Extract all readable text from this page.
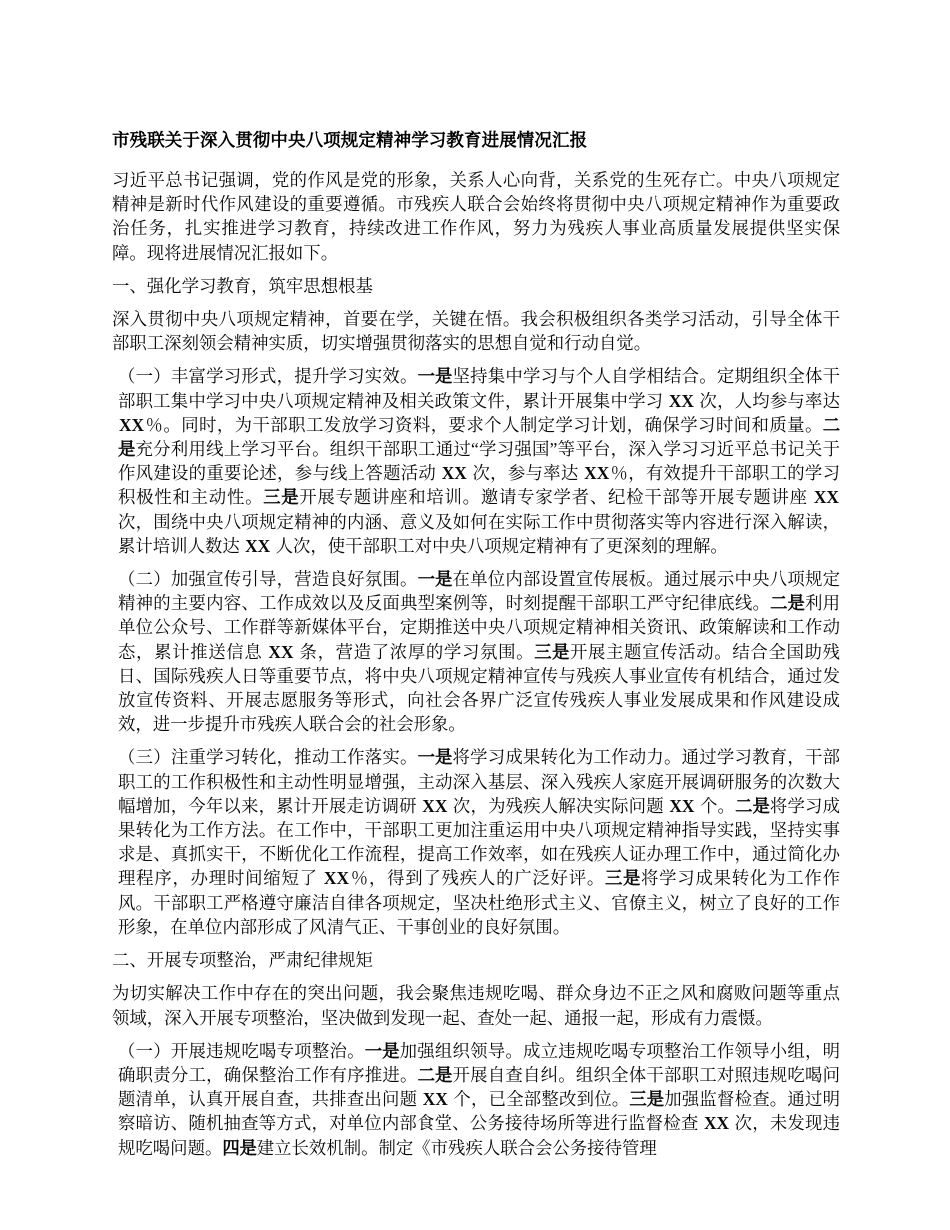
市残联关于深入贯彻中央八项规定精神学习教育进展情况汇报

习近平总书记强调，党的作风是党的形象，关系人心向背，关系党的生死存亡。中央八项规定精神是新时代作风建设的重要遵循。市残疾人联合会始终将贯彻中央八项规定精神作为重要政治任务，扎实推进学习教育，持续改进工作作风，努力为残疾人事业高质量发展提供坚实保障。现将进展情况汇报如下。

一、强化学习教育，筑牢思想根基

深入贯彻中央八项规定精神，首要在学，关键在悟。我会积极组织各类学习活动，引导全体干部职工深刻领会精神实质，切实增强贯彻落实的思想自觉和行动自觉。

（一）丰富学习形式，提升学习实效。一是坚持集中学习与个人自学相结合。定期组织全体干部职工集中学习中央八项规定精神及相关政策文件，累计开展集中学习 XX 次，人均参与率达 XX％。同时，为干部职工发放学习资料，要求个人制定学习计划，确保学习时间和质量。二是充分利用线上学习平台。组织干部职工通过“学习强国”等平台，深入学习习近平总书记关于作风建设的重要论述，参与线上答题活动 XX 次，参与率达 XX％，有效提升干部职工的学习积极性和主动性。三是开展专题讲座和培训。邀请专家学者、纪检干部等开展专题讲座 XX 次，围绕中央八项规定精神的内涵、意义及如何在实际工作中贯彻落实等内容进行深入解读，累计培训人数达 XX 人次，使干部职工对中央八项规定精神有了更深刻的理解。

（二）加强宣传引导，营造良好氛围。一是在单位内部设置宣传展板。通过展示中央八项规定精神的主要内容、工作成效以及反面典型案例等，时刻提醒干部职工严守纪律底线。二是利用单位公众号、工作群等新媒体平台，定期推送中央八项规定精神相关资讯、政策解读和工作动态，累计推送信息 XX 条，营造了浓厚的学习氛围。三是开展主题宣传活动。结合全国助残日、国际残疾人日等重要节点，将中央八项规定精神宣传与残疾人事业宣传有机结合，通过发放宣传资料、开展志愿服务等形式，向社会各界广泛宣传残疾人事业发展成果和作风建设成效，进一步提升市残疾人联合会的社会形象。

（三）注重学习转化，推动工作落实。一是将学习成果转化为工作动力。通过学习教育，干部职工的工作积极性和主动性明显增强，主动深入基层、深入残疾人家庭开展调研服务的次数大幅增加，今年以来，累计开展走访调研 XX 次，为残疾人解决实际问题 XX 个。二是将学习成果转化为工作方法。在工作中，干部职工更加注重运用中央八项规定精神指导实践，坚持实事求是、真抓实干，不断优化工作流程，提高工作效率，如在残疾人证办理工作中，通过简化办理程序，办理时间缩短了 XX％，得到了残疾人的广泛好评。三是将学习成果转化为工作作风。干部职工严格遵守廉洁自律各项规定，坚决杜绝形式主义、官僚主义，树立了良好的工作形象，在单位内部形成了风清气正、干事创业的良好氛围。

二、开展专项整治，严肃纪律规矩

为切实解决工作中存在的突出问题，我会聚焦违规吃喝、群众身边不正之风和腐败问题等重点领域，深入开展专项整治，坚决做到发现一起、查处一起、通报一起，形成有力震慑。

（一）开展违规吃喝专项整治。一是加强组织领导。成立违规吃喝专项整治工作领导小组，明确职责分工，确保整治工作有序推进。二是开展自查自纠。组织全体干部职工对照违规吃喝问题清单，认真开展自查，共排查出问题 XX 个，已全部整改到位。三是加强监督检查。通过明察暗访、随机抽查等方式，对单位内部食堂、公务接待场所等进行监督检查 XX 次，未发现违规吃喝问题。四是建立长效机制。制定《市残疾人联合会公务接待管理
